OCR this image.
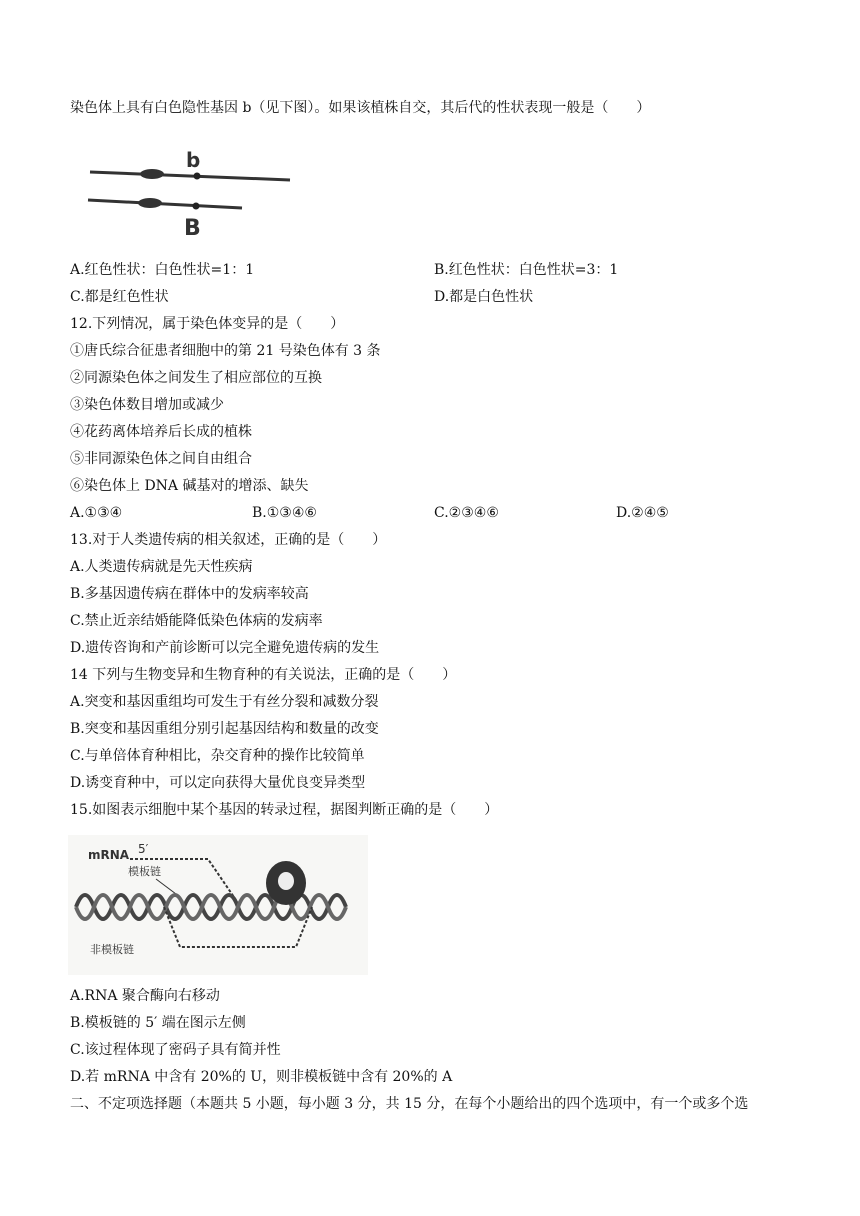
染色体上具有白色隐性基因 b（见下图）。如果该植株自交，其后代的性状表现一般是（　　）
b
B
A.红色性状：白色性状=1：1	B.红色性状：白色性状=3：1
C.都是红色性状	D.都是白色性状
12.下列情况，属于染色体变异的是（　　）
①唐氏综合征患者细胞中的第 21 号染色体有 3 条
②同源染色体之间发生了相应部位的互换
③染色体数目增加或减少
④花药离体培养后长成的植株
⑤非同源染色体之间自由组合
⑥染色体上 DNA 碱基对的增添、缺失
A.①③④	B.①③④⑥	C.②③④⑥	D.②④⑤
13.对于人类遗传病的相关叙述，正确的是（　　）
A.人类遗传病就是先天性疾病
B.多基因遗传病在群体中的发病率较高
C.禁止近亲结婚能降低染色体病的发病率
D.遗传咨询和产前诊断可以完全避免遗传病的发生
14 下列与生物变异和生物育种的有关说法，正确的是（　　）
A.突变和基因重组均可发生于有丝分裂和减数分裂
B.突变和基因重组分别引起基因结构和数量的改变
C.与单倍体育种相比，杂交育种的操作比较简单
D.诱变育种中，可以定向获得大量优良变异类型
15.如图表示细胞中某个基因的转录过程，据图判断正确的是（　　）
mRNA 5′
模板链
非模板链
A.RNA 聚合酶向右移动
B.模板链的 5′ 端在图示左侧
C.该过程体现了密码子具有简并性
D.若 mRNA 中含有 20%的 U，则非模板链中含有 20%的 A
二、不定项选择题（本题共 5 小题，每小题 3 分，共 15 分，在每个小题给出的四个选项中，有一个或多个选
